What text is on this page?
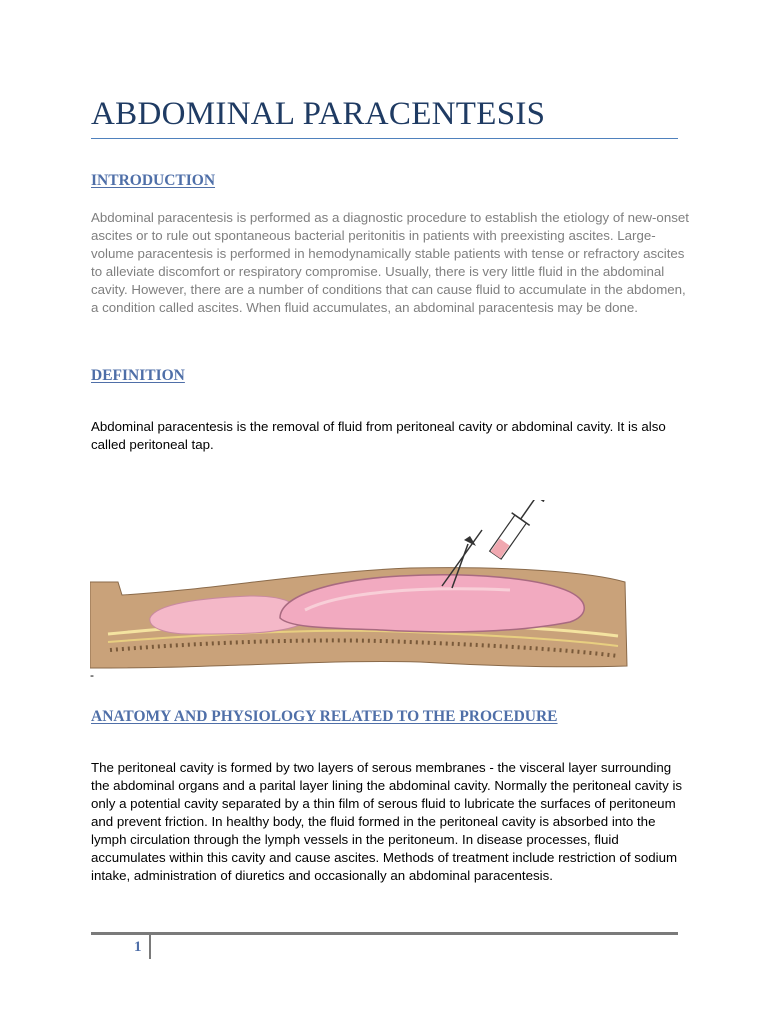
ABDOMINAL PARACENTESIS
INTRODUCTION

Abdominal paracentesis is performed as a diagnostic procedure to establish the etiology of new-onset ascites or to rule out spontaneous bacterial peritonitis in patients with preexisting ascites. Large-volume paracentesis is performed in hemodynamically stable patients with tense or refractory ascites to alleviate discomfort or respiratory compromise. Usually, there is very little fluid in the abdominal cavity. However, there are a number of conditions that can cause fluid to accumulate in the abdomen, a condition called ascites. When fluid accumulates, an abdominal paracentesis may be done.

DEFINITION

Abdominal paracentesis is the removal of fluid from peritoneal cavity or abdominal cavity. It is also called peritoneal tap.

-
ANATOMY AND PHYSIOLOGY RELATED TO THE PROCEDURE

The peritoneal cavity is formed by two layers of serous membranes - the visceral layer surrounding the abdominal organs and a parital layer lining the abdominal cavity. Normally the peritoneal cavity is only a potential cavity separated by a thin film of serous fluid to lubricate the surfaces of peritoneum and prevent friction. In healthy body, the fluid formed in the peritoneal cavity is absorbed into the lymph circulation through the lymph vessels in the peritoneum. In disease processes, fluid accumulates within this cavity and cause ascites. Methods of treatment include restriction of sodium intake, administration of diuretics and occasionally an abdominal paracentesis.

1
